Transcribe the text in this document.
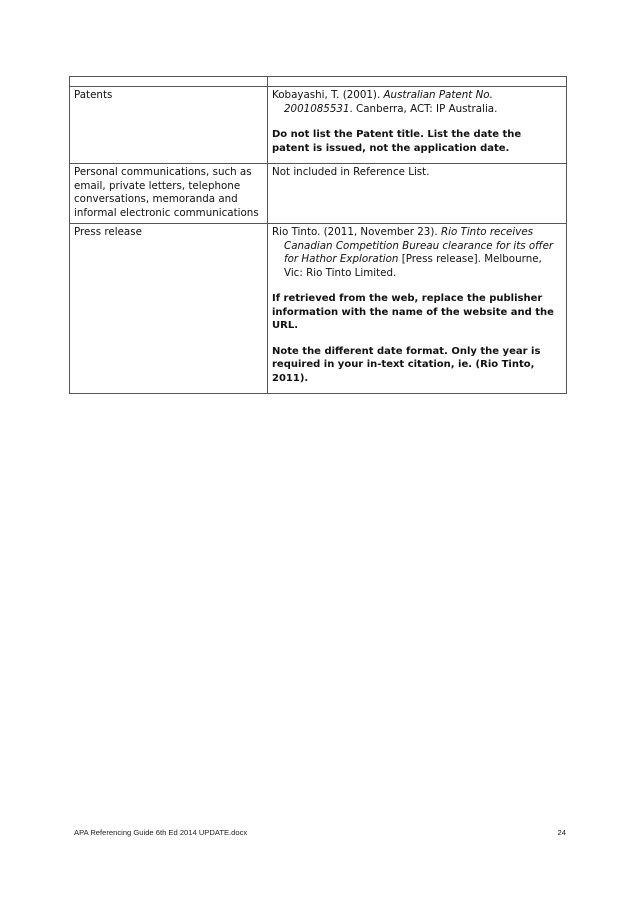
Patents	Kobayashi, T. (2001). Australian Patent No. 2001085531. Canberra, ACT: IP Australia.

Do not list the Patent title. List the date the patent is issued, not the application date.

Personal communications, such as email, private letters, telephone conversations, memoranda and informal electronic communications	Not included in Reference List.
Press release	Rio Tinto. (2011, November 23). Rio Tinto receives Canadian Competition Bureau clearance for its offer for Hathor Exploration [Press release]. Melbourne, Vic: Rio Tinto Limited.

If retrieved from the web, replace the publisher information with the name of the website and the URL.

Note the different date format. Only the year is required in your in-text citation, ie. (Rio Tinto, 2011).

APA Referencing Guide 6th Ed 2014 UPDATE.docx	24
